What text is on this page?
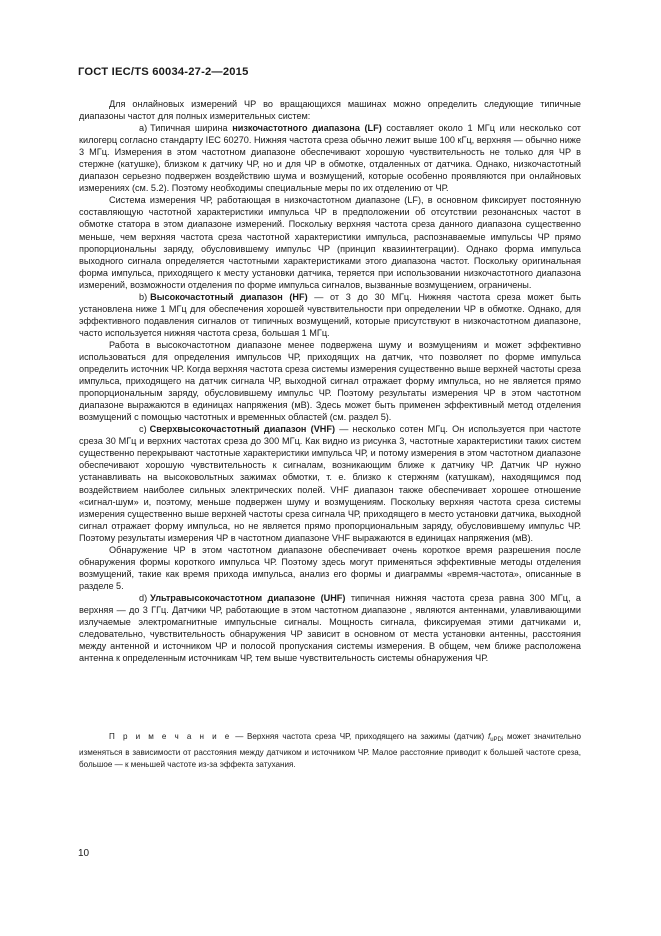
ГОСТ IEC/TS 60034-27-2—2015

Для онлайновых измерений ЧР во вращающихся машинах можно определить следующие типичные диапазоны частот для полных измерительных систем:

а) Типичная ширина низкочастотного диапазона (LF) составляет около 1 МГц или несколько сот килогерц согласно стандарту IEC 60270. Нижняя частота среза обычно лежит выше 100 кГц, верхняя — обычно ниже 3 МГц. Измерения в этом частотном диапазоне обеспечивают хорошую чувствительность не только для ЧР в стержне (катушке), близком к датчику ЧР, но и для ЧР в обмотке, отдаленных от датчика. Однако, низкочастотный диапазон серьезно подвержен воздействию шума и возмущений, которые особенно проявляются при онлайновых измерениях (см. 5.2). Поэтому необходимы специальные меры по их отделению от ЧР.

Система измерения ЧР, работающая в низкочастотном диапазоне (LF), в основном фиксирует постоянную составляющую частотной характеристики импульса ЧР в предположении об отсутствии резонансных частот в обмотке статора в этом диапазоне измерений. Поскольку верхняя частота среза данного диапазона существенно меньше, чем верхняя частота среза частотной характеристики импульса, распознаваемые импульсы ЧР прямо пропорциональны заряду, обусловившему импульс ЧР (принцип квазиинтеграции). Однако форма импульса выходного сигнала определяется частотными характеристиками этого диапазона частот. Поскольку оригинальная форма импульса, приходящего к месту установки датчика, теряется при использовании низкочастотного диапазона измерений, возможности отделения по форме импульса сигналов, вызванные возмущением, ограничены.

b) Высокочастотный диапазон (HF) — от 3 до 30 МГц. Нижняя частота среза может быть установлена ниже 1 МГц для обеспечения хорошей чувствительности при определении ЧР в обмотке. Однако, для эффективного подавления сигналов от типичных возмущений, которые присутствуют в низкочастотном диапазоне, часто используется нижняя частота среза, большая 1 МГц.

Работа в высокочастотном диапазоне менее подвержена шуму и возмущениям и может эффективно использоваться для определения импульсов ЧР, приходящих на датчик, что позволяет по форме импульса определить источник ЧР. Когда верхняя частота среза системы измерения существенно выше верхней частоты среза импульса, приходящего на датчик сигнала ЧР, выходной сигнал отражает форму импульса, но не является прямо пропорциональным заряду, обусловившему импульс ЧР. Поэтому результаты измерения ЧР в этом частотном диапазоне выражаются в единицах напряжения (мВ). Здесь может быть применен эффективный метод отделения возмущений с помощью частотных и временных областей (см. раздел 5).

с) Сверхвысокочастотный диапазон (VHF) — несколько сотен МГц. Он используется при частоте среза 30 МГц и верхних частотах среза до 300 МГц. Как видно из рисунка 3, частотные характеристики таких систем существенно перекрывают частотные характеристики импульса ЧР, и потому измерения в этом частотном диапазоне обеспечивают хорошую чувствительность к сигналам, возникающим ближе к датчику ЧР. Датчик ЧР нужно устанавливать на высоковольтных зажимах обмотки, т. е. близко к стержням (катушкам), находящимся под воздействием наиболее сильных электрических полей. VHF диапазон также обеспечивает хорошее отношение «сигнал-шум» и, поэтому, меньше подвержен шуму и возмущениям. Поскольку верхняя частота среза системы измерения существенно выше верхней частоты среза сигнала ЧР, приходящего в место установки датчика, выходной сигнал отражает форму импульса, но не является прямо пропорциональным заряду, обусловившему импульс ЧР. Поэтому результаты измерения ЧР в частотном диапазоне VHF выражаются в единицах напряжения (мВ).

Обнаружение ЧР в этом частотном диапазоне обеспечивает очень короткое время разрешения после обнаружения формы короткого импульса ЧР. Поэтому здесь могут применяться эффективные методы отделения возмущений, такие как время прихода импульса, анализ его формы и диаграммы «время-частота», описанные в разделе 5.

d) Ультравысокочастотном диапазоне (UHF) типичная нижняя частота среза равна 300 МГц, а верхняя — до 3 ГГц. Датчики ЧР, работающие в этом частотном диапазоне , являются антеннами, улавливающими излучаемые электромагнитные импульсные сигналы. Мощность сигнала, фиксируемая этими датчиками и, следовательно, чувствительность обнаружения ЧР зависит в основном от места установки антенны, расстояния между антенной и источником ЧР и полосой пропускания системы измерения. В общем, чем ближе расположена антенна к определенным источникам ЧР, тем выше чувствительность системы обнаружения ЧР.

П р и м е ч а н и е — Верхняя частота среза ЧР, приходящего на зажимы (датчик) $f_{uPDi}$ может значительно изменяться в зависимости от расстояния между датчиком и источником ЧР. Малое расстояние приводит к большей частоте среза, большое — к меньшей частоте из-за эффекта затухания.

10
